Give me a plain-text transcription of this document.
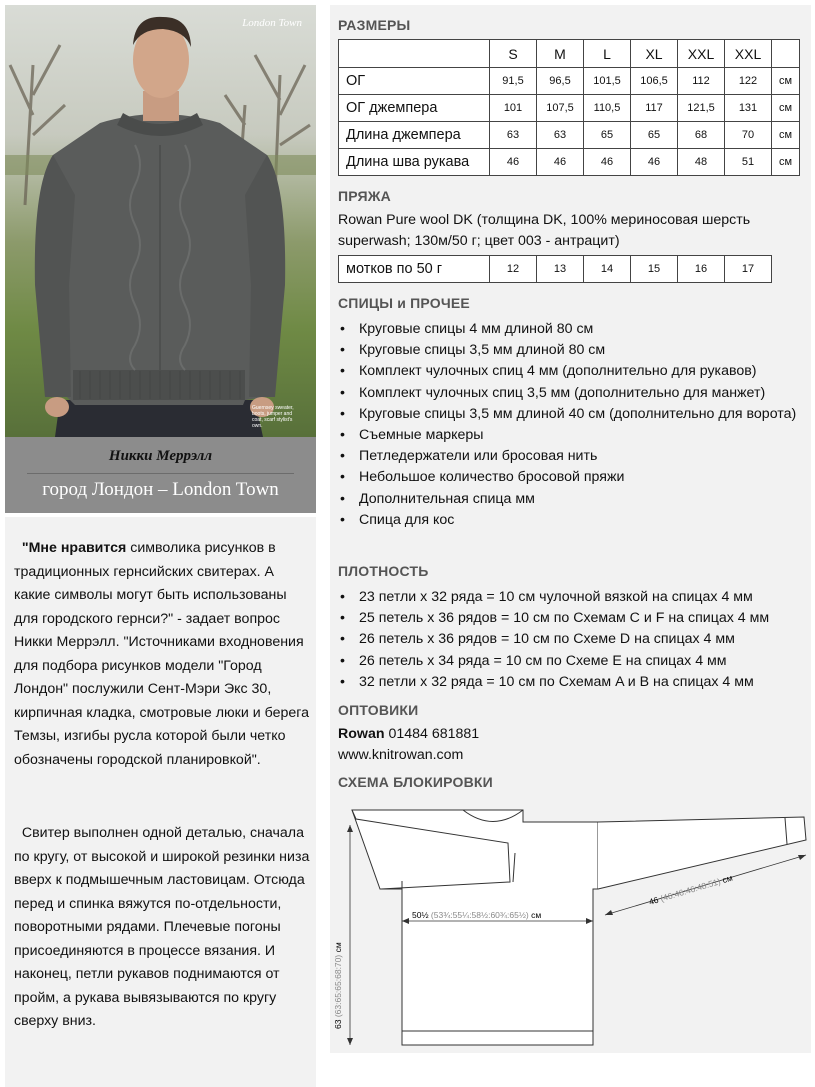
London Town
Guernsey sweater, boots, jumper and coat, scarf stylist's own.
Никки Меррэлл
город Лондон – London Town

"Мне нравится символика рисунков в традиционных гернсийских свитерах. А какие символы могут быть использованы для городского гернси?" - задает вопрос Никки Меррэлл. "Источниками входновения для подбора рисунков модели "Город Лондон" послужили Сент-Мэри Экс 30, кирпичная кладка, смотровые люки и берега Темзы, изгибы русла которой были четко обозначены городской планировкой".

Свитер выполнен одной деталью, сначала по кругу, от высокой и широкой резинки низа вверх к подмышечным ластовицам. Отсюда перед и спинка вяжутся по-отдельности, поворотными рядами. Плечевые погоны присоединяются в процессе вязания. И наконец, петли рукавов поднимаются от пройм, а рукава вывязываются по кругу сверху вниз.

РАЗМЕРЫ
	S	M	L	XL	XXL	XXL	
ОГ	91,5	96,5	101,5	106,5	112	122	см
ОГ джемпера	101	107,5	110,5	117	121,5	131	см
Длина джемпера	63	63	65	65	68	70	см
Длина шва рукава	46	46	46	46	48	51	см
ПРЯЖА
Rowan Pure wool DK (толщина DK, 100% мериносовая шерсть superwash; 130м/50 г; цвет 003 - антрацит)
мотков по 50 г	12	13	14	15	16	17
СПИЦЫ и ПРОЧЕЕ
• Круговые спицы 4 мм длиной 80 см
• Круговые спицы 3,5 мм длиной 80 см
• Комплект чулочных спиц 4 мм (дополнительно для рукавов)
• Комплект чулочных спиц 3,5 мм (дополнительно для манжет)
• Круговые спицы 3,5 мм длиной 40 см (дополнительно для ворота)
• Съемные маркеры
• Петледержатели или бросовая нить
• Небольшое количество бросовой пряжи
• Дополнительная спица мм
• Спица для кос
ПЛОТНОСТЬ
• 23 петли х 32 ряда = 10 см чулочной вязкой на спицах 4 мм
• 25 петель х 36 рядов = 10 см по Схемам С и F на спицах 4 мм
• 26 петель х 36 рядов = 10 см по Схеме D на спицах 4 мм
• 26 петель х 34 ряда = 10 см по Схеме E на спицах 4 мм
• 32 петли х 32 ряда = 10 см по Схемам A и B на спицах 4 мм
ОПТОВИКИ
Rowan 01484 681881
www.knitrowan.com
СХЕМА БЛОКИРОВКИ
50½ (53¾:55¼:58½:60¾:65½) см
63 (63:65:65:68:70) см
46 (46:46:46:48:51) см
